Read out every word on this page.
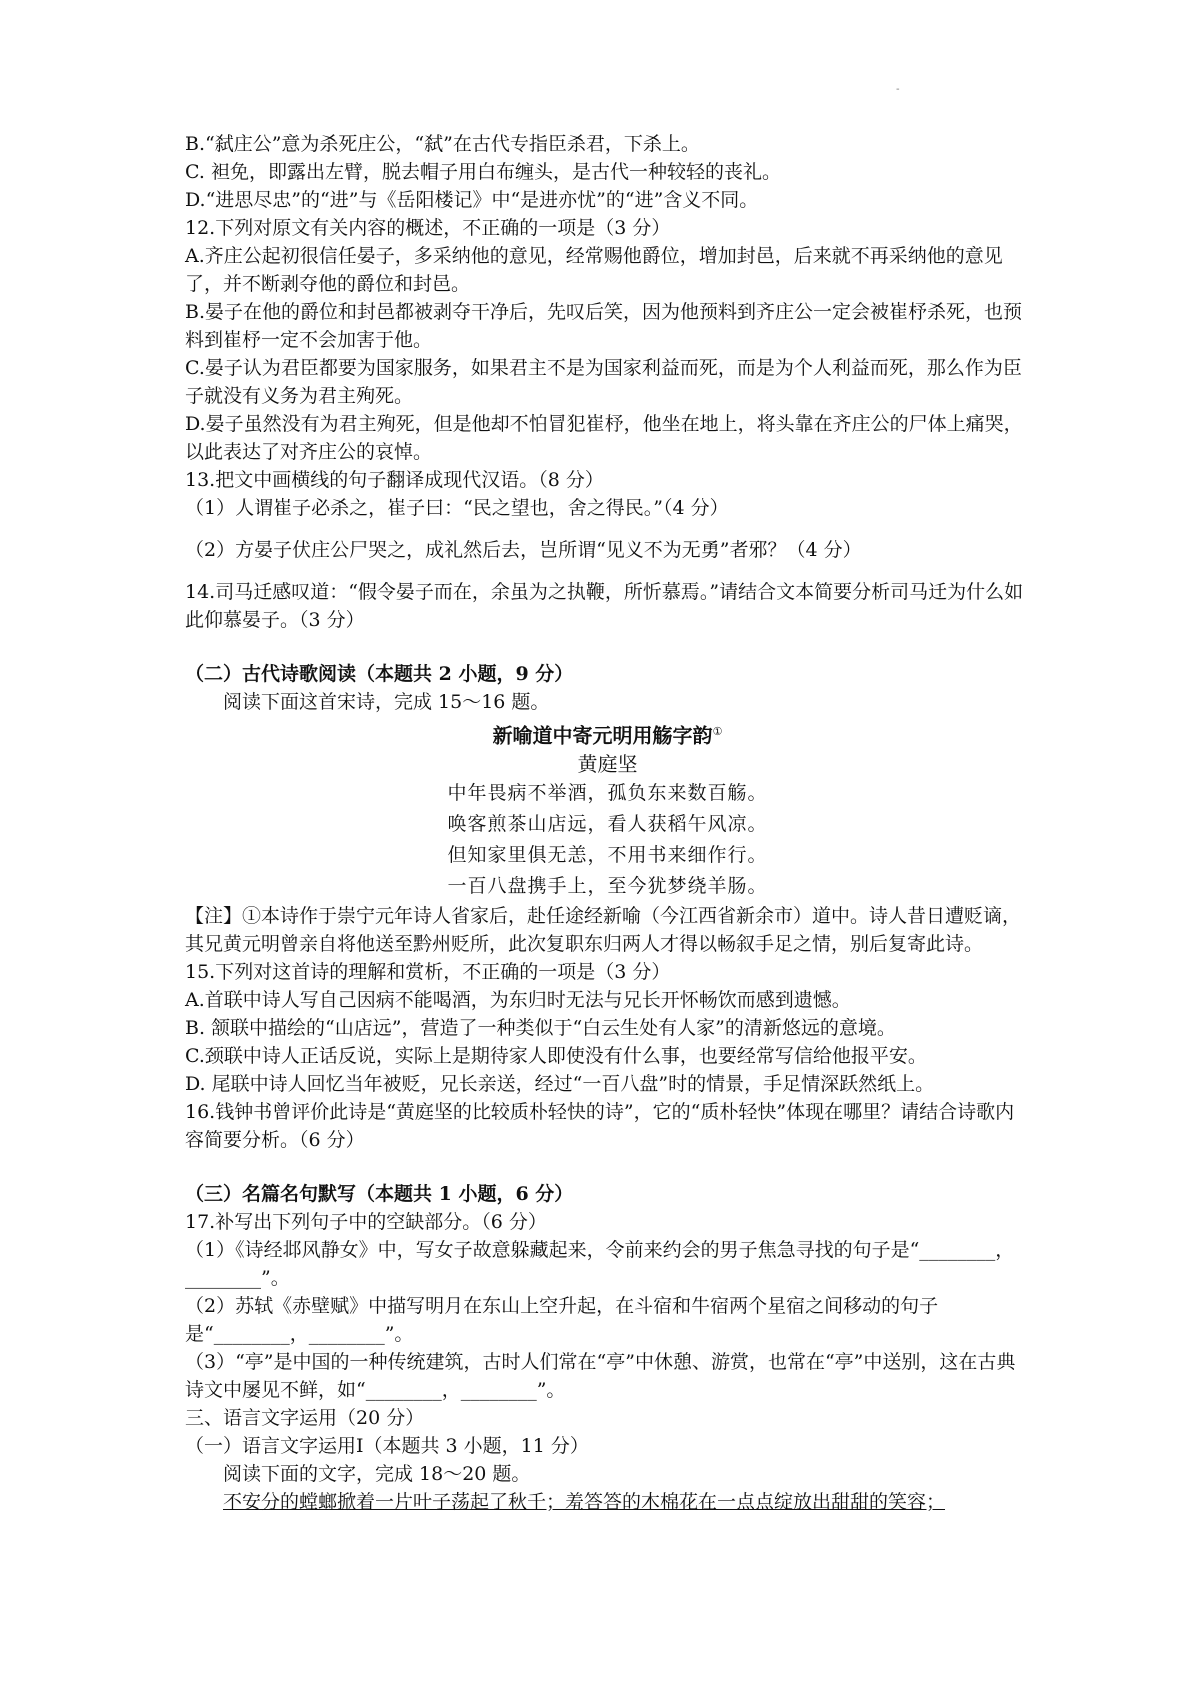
-
B.“弑庄公”意为杀死庄公，“弑”在古代专指臣杀君，下杀上。
C. 袒免，即露出左臂，脱去帽子用白布缠头，是古代一种较轻的丧礼。
D.“进思尽忠”的“进”与《岳阳楼记》中“是进亦忧”的“进”含义不同。
12.下列对原文有关内容的概述，不正确的一项是（3 分）
A.齐庄公起初很信任晏子，多采纳他的意见，经常赐他爵位，增加封邑，后来就不再采纳他的意见了，并不断剥夺他的爵位和封邑。
B.晏子在他的爵位和封邑都被剥夺干净后，先叹后笑，因为他预料到齐庄公一定会被崔杼杀死，也预料到崔杼一定不会加害于他。
C.晏子认为君臣都要为国家服务，如果君主不是为国家利益而死，而是为个人利益而死，那么作为臣子就没有义务为君主殉死。
D.晏子虽然没有为君主殉死，但是他却不怕冒犯崔杼，他坐在地上，将头靠在齐庄公的尸体上痛哭，以此表达了对齐庄公的哀悼。
13.把文中画横线的句子翻译成现代汉语。（8 分）
（1）人谓崔子必杀之，崔子曰：“民之望也，舍之得民。”（4 分）
（2）方晏子伏庄公尸哭之，成礼然后去，岂所谓“见义不为无勇”者邪？（4 分）
14.司马迁感叹道：“假令晏子而在，余虽为之执鞭，所忻慕焉。”请结合文本简要分析司马迁为什么如此仰慕晏子。（3 分）
（二）古代诗歌阅读（本题共 2 小题，9 分）
阅读下面这首宋诗，完成 15～16 题。
新喻道中寄元明用觞字韵①
黄庭坚
中年畏病不举酒，孤负东来数百觞。
唤客煎茶山店远，看人获稻午风凉。
但知家里俱无恙，不用书来细作行。
一百八盘携手上，至今犹梦绕羊肠。
【注】①本诗作于崇宁元年诗人省家后，赴任途经新喻（今江西省新余市）道中。诗人昔日遭贬谪，其兄黄元明曾亲自将他送至黔州贬所，此次复职东归两人才得以畅叙手足之情，别后复寄此诗。
15.下列对这首诗的理解和赏析，不正确的一项是（3 分）
A.首联中诗人写自己因病不能喝酒，为东归时无法与兄长开怀畅饮而感到遗憾。
B. 颔联中描绘的“山店远”，营造了一种类似于“白云生处有人家”的清新悠远的意境。
C.颈联中诗人正话反说，实际上是期待家人即使没有什么事，也要经常写信给他报平安。
D. 尾联中诗人回忆当年被贬，兄长亲送，经过“一百八盘”时的情景，手足情深跃然纸上。
16.钱钟书曾评价此诗是“黄庭坚的比较质朴轻快的诗”，它的“质朴轻快”体现在哪里？请结合诗歌内容简要分析。（6 分）
（三）名篇名句默写（本题共 1 小题，6 分）
17.补写出下列句子中的空缺部分。（6 分）
（1）《诗经邶风静女》中，写女子故意躲藏起来，令前来约会的男子焦急寻找的句子是“________，________”。
（2）苏轼《赤壁赋》中描写明月在东山上空升起，在斗宿和牛宿两个星宿之间移动的句子是“________，________”。
（3）“亭”是中国的一种传统建筑，古时人们常在“亭”中休憩、游赏，也常在“亭”中送别，这在古典诗文中屡见不鲜，如“________，________”。
三、语言文字运用（20 分）
（一）语言文字运用Ⅰ（本题共 3 小题，11 分）
阅读下面的文字，完成 18～20 题。
不安分的螳螂掀着一片叶子荡起了秋千；羞答答的木棉花在一点点绽放出甜甜的笑容；
